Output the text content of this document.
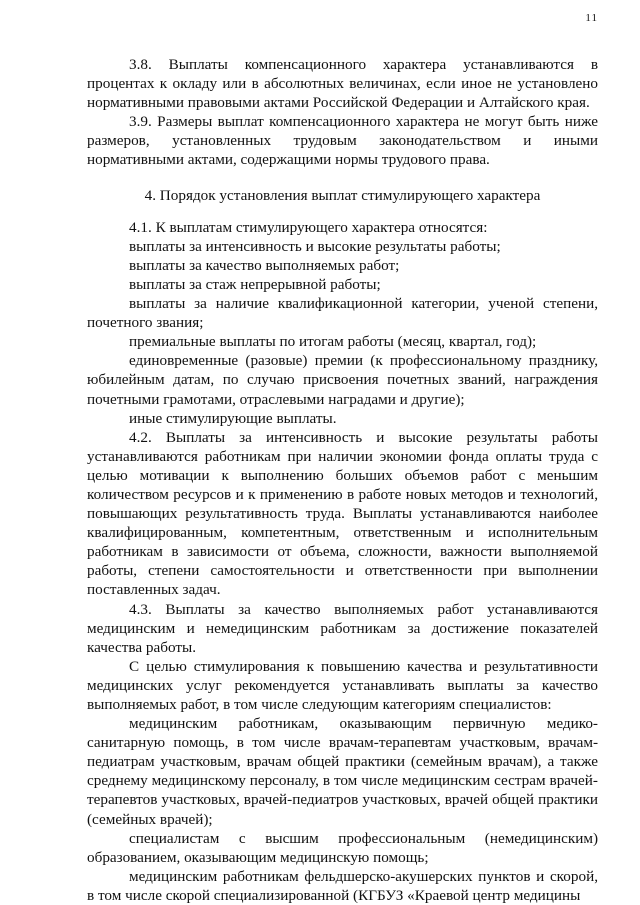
11

3.8. Выплаты компенсационного характера устанавливаются в процентах к окладу или в абсолютных величинах, если иное не установлено нормативными правовыми актами Российской Федерации и Алтайского края.

3.9. Размеры выплат компенсационного характера не могут быть ниже размеров, установленных трудовым законодательством и иными нормативными актами, содержащими нормы трудового права.

4. Порядок установления выплат стимулирующего характера

4.1. К выплатам стимулирующего характера относятся:

выплаты за интенсивность и высокие результаты работы;

выплаты за качество выполняемых работ;

выплаты за стаж непрерывной работы;

выплаты за наличие квалификационной категории, ученой степени, почетного звания;

премиальные выплаты по итогам работы (месяц, квартал, год);

единовременные (разовые) премии (к профессиональному празднику, юбилейным датам, по случаю присвоения почетных званий, награждения почетными грамотами, отраслевыми наградами и другие);

иные стимулирующие выплаты.

4.2. Выплаты за интенсивность и высокие результаты работы устанавливаются работникам при наличии экономии фонда оплаты труда с целью мотивации к выполнению больших объемов работ с меньшим количеством ресурсов и к применению в работе новых методов и технологий, повышающих результативность труда. Выплаты устанавливаются наиболее квалифицированным, компетентным, ответственным и исполнительным работникам в зависимости от объема, сложности, важности выполняемой работы, степени самостоятельности и ответственности при выполнении поставленных задач.

4.3. Выплаты за качество выполняемых работ устанавливаются медицинским и немедицинским работникам за достижение показателей качества работы.

С целью стимулирования к повышению качества и результативности медицинских услуг рекомендуется устанавливать выплаты за качество выполняемых работ, в том числе следующим категориям специалистов:

медицинским работникам, оказывающим первичную медико-санитарную помощь, в том числе врачам-терапевтам участковым, врачам-педиатрам участковым, врачам общей практики (семейным врачам), а также среднему медицинскому персоналу, в том числе медицинским сестрам врачей-терапевтов участковых, врачей-педиатров участковых, врачей общей практики (семейных врачей);

специалистам с высшим профессиональным (немедицинским) образованием, оказывающим медицинскую помощь;

медицинским работникам фельдшерско-акушерских пунктов и скорой, в том числе скорой специализированной (КГБУЗ «Краевой центр медицины
